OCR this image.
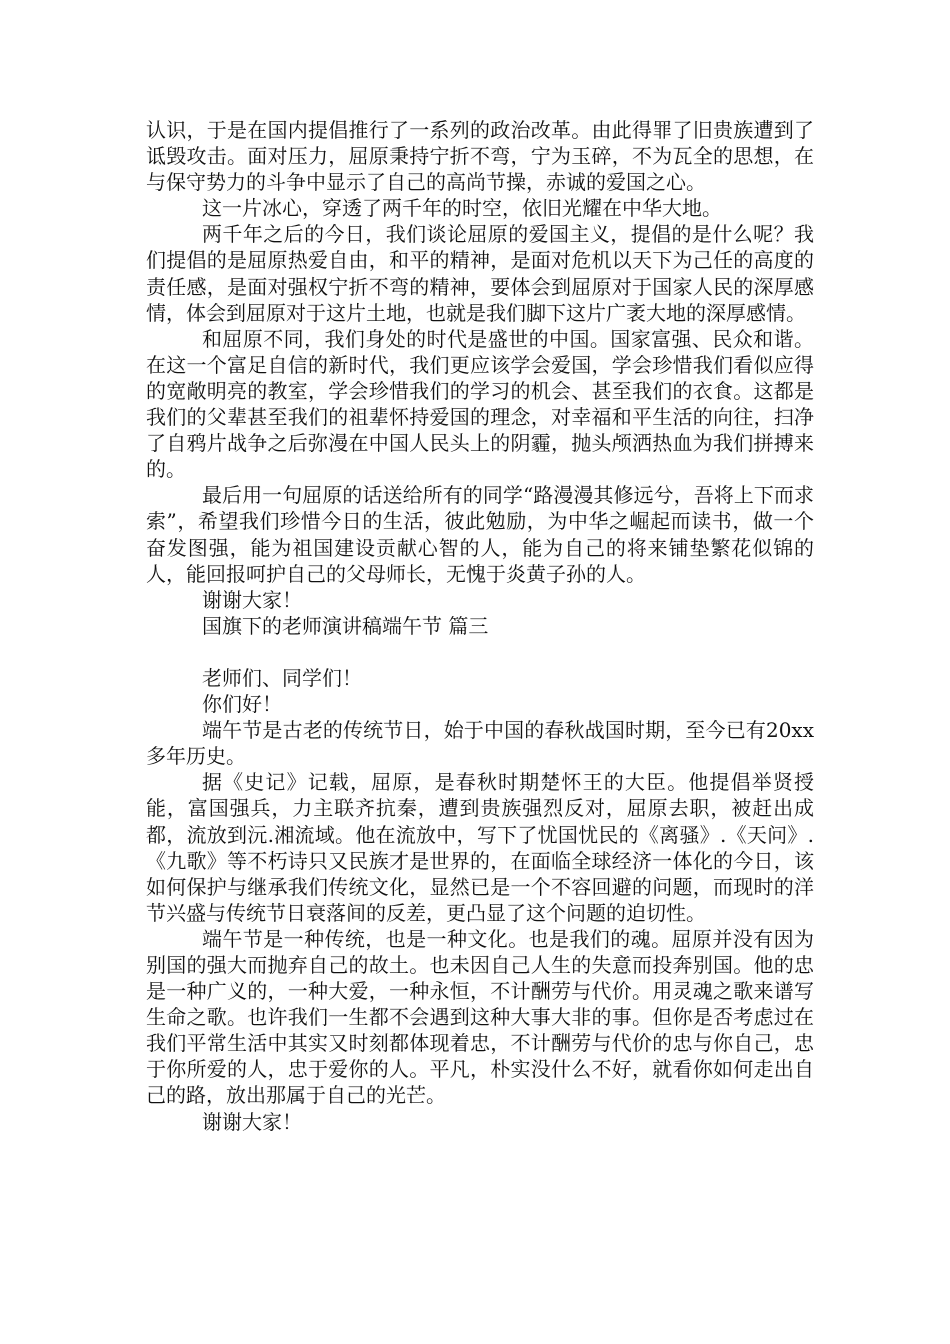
认识，于是在国内提倡推行了一系列的政治改革。由此得罪了旧贵族遭到了诋毁攻击。面对压力，屈原秉持宁折不弯，宁为玉碎，不为瓦全的思想，在与保守势力的斗争中显示了自己的高尚节操，赤诚的爱国之心。

这一片冰心，穿透了两千年的时空，依旧光耀在中华大地。

两千年之后的今日，我们谈论屈原的爱国主义，提倡的是什么呢？我们提倡的是屈原热爱自由，和平的精神，是面对危机以天下为己任的高度的责任感，是面对强权宁折不弯的精神，要体会到屈原对于国家人民的深厚感情，体会到屈原对于这片土地，也就是我们脚下这片广袤大地的深厚感情。

和屈原不同，我们身处的时代是盛世的中国。国家富强、民众和谐。在这一个富足自信的新时代，我们更应该学会爱国，学会珍惜我们看似应得的宽敞明亮的教室，学会珍惜我们的学习的机会、甚至我们的衣食。这都是我们的父辈甚至我们的祖辈怀持爱国的理念，对幸福和平生活的向往，扫净了自鸦片战争之后弥漫在中国人民头上的阴霾，抛头颅洒热血为我们拼搏来的。

最后用一句屈原的话送给所有的同学“路漫漫其修远兮，吾将上下而求索”，希望我们珍惜今日的生活，彼此勉励，为中华之崛起而读书，做一个奋发图强，能为祖国建设贡献心智的人，能为自己的将来铺垫繁花似锦的人，能回报呵护自己的父母师长，无愧于炎黄子孙的人。

谢谢大家！

国旗下的老师演讲稿端午节 篇三

老师们、同学们！

你们好！

端午节是古老的传统节日，始于中国的春秋战国时期，至今已有20xx多年历史。

据《史记》记载，屈原，是春秋时期楚怀王的大臣。他提倡举贤授能，富国强兵，力主联齐抗秦，遭到贵族强烈反对，屈原去职，被赶出成都，流放到沅.湘流域。他在流放中，写下了忧国忧民的《离骚》.《天问》.《九歌》等不朽诗只又民族才是世界的，在面临全球经济一体化的今日，该如何保护与继承我们传统文化，显然已是一个不容回避的问题，而现时的洋节兴盛与传统节日衰落间的反差，更凸显了这个问题的迫切性。

端午节是一种传统，也是一种文化。也是我们的魂。屈原并没有因为别国的强大而抛弃自己的故土。也未因自己人生的失意而投奔别国。他的忠是一种广义的，一种大爱，一种永恒，不计酬劳与代价。用灵魂之歌来谱写生命之歌。也许我们一生都不会遇到这种大事大非的事。但你是否考虑过在我们平常生活中其实又时刻都体现着忠，不计酬劳与代价的忠与你自己，忠于你所爱的人，忠于爱你的人。平凡，朴实没什么不好，就看你如何走出自己的路，放出那属于自己的光芒。

谢谢大家！
